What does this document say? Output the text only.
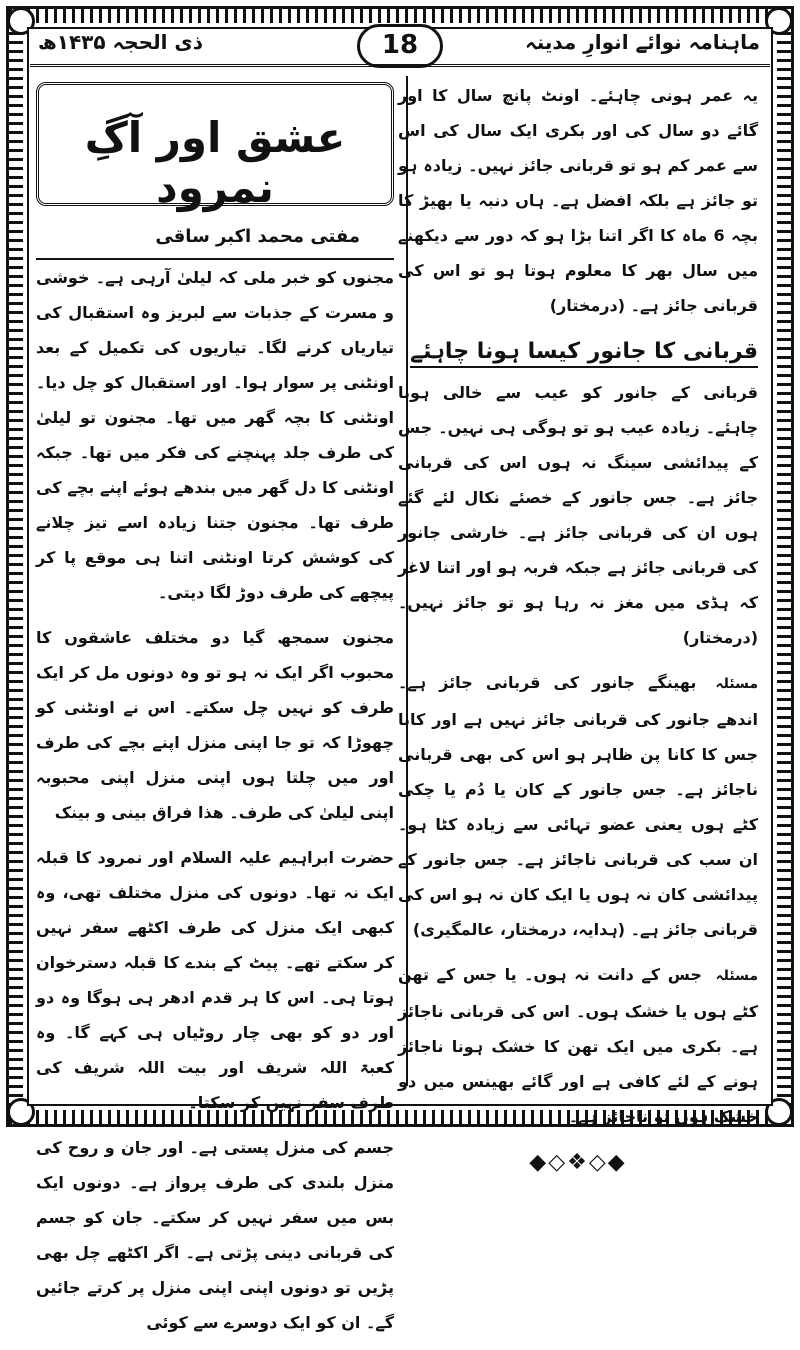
ماہنامہ نوائے انوارِ مدینہ
18
ذی الحجہ ۱۴۳۵ھ

یہ عمر ہونی چاہئے۔ اونٹ پانچ سال کا اور گائے دو سال کی اور بکری ایک سال کی اس سے عمر کم ہو تو قربانی جائز نہیں۔ زیادہ ہو تو جائز ہے بلکہ افضل ہے۔ ہاں دنبہ یا بھیڑ کا بچہ 6 ماہ کا اگر اتنا بڑا ہو کہ دور سے دیکھنے میں سال بھر کا معلوم ہوتا ہو تو اس کی قربانی جائز ہے۔ (درمختار)

قربانی کا جانور کیسا ہونا چاہئے

قربانی کے جانور کو عیب سے خالی ہونا چاہئے۔ زیادہ عیب ہو تو ہوگی ہی نہیں۔ جس کے پیدائشی سینگ نہ ہوں اس کی قربانی جائز ہے۔ جس جانور کے خصئے نکال لئے گئے ہوں ان کی قربانی جائز ہے۔ خارشی جانور کی قربانی جائز ہے جبکہ فربہ ہو اور اتنا لاغر کہ ہڈی میں مغز نہ رہا ہو تو جائز نہیں۔ (درمختار)

مسئلہ بھینگے جانور کی قربانی جائز ہے۔ اندھے جانور کی قربانی جائز نہیں ہے اور کانا جس کا کانا پن ظاہر ہو اس کی بھی قربانی ناجائز ہے۔ جس جانور کے کان یا دُم یا چکی کٹے ہوں یعنی عضو تہائی سے زیادہ کٹا ہو۔ ان سب کی قربانی ناجائز ہے۔ جس جانور کے پیدائشی کان نہ ہوں یا ایک کان نہ ہو اس کی قربانی جائز ہے۔ (ہدایہ، درمختار، عالمگیری)

مسئلہ جس کے دانت نہ ہوں۔ یا جس کے تھن کٹے ہوں یا خشک ہوں۔ اس کی قربانی ناجائز ہے۔ بکری میں ایک تھن کا خشک ہونا ناجائز ہونے کے لئے کافی ہے اور گائے بھینس میں دو خشک ہوں تو ناجائز ہے۔

◆◇❖◇◆
عشق اور آگِ نمرود
مفتی محمد اکبر ساقی

مجنوں کو خبر ملی کہ لیلیٰ آرہی ہے۔ خوشی و مسرت کے جذبات سے لبریز وہ استقبال کی تیاریاں کرنے لگا۔ تیاریوں کی تکمیل کے بعد اونٹنی پر سوار ہوا۔ اور استقبال کو چل دیا۔ اونٹنی کا بچہ گھر میں تھا۔ مجنون تو لیلیٰ کی طرف جلد پہنچنے کی فکر میں تھا۔ جبکہ اونٹنی کا دل گھر میں بندھے ہوئے اپنے بچے کی طرف تھا۔ مجنون جتنا زیادہ اسے تیز چلانے کی کوشش کرتا اونٹنی اتنا ہی موقع پا کر پیچھے کی طرف دوڑ لگا دیتی۔

مجنون سمجھ گیا دو مختلف عاشقوں کا محبوب اگر ایک نہ ہو تو وہ دونوں مل کر ایک طرف کو نہیں چل سکتے۔ اس نے اونٹنی کو چھوڑا کہ تو جا اپنی منزل اپنے بچے کی طرف اور میں چلتا ہوں اپنی منزل اپنی محبوبہ اپنی لیلیٰ کی طرف۔ ھذا فراق بینی و بینک

حضرت ابراہیم علیہ السلام اور نمرود کا قبلہ ایک نہ تھا۔ دونوں کی منزل مختلف تھی، وہ کبھی ایک منزل کی طرف اکٹھے سفر نہیں کر سکتے تھے۔ پیٹ کے بندے کا قبلہ دسترخوان ہوتا ہی۔ اس کا ہر قدم ادھر ہی ہوگا وہ دو اور دو کو بھی چار روٹیاں ہی کہے گا۔ وہ کعبۃ اللہ شریف اور بیت اللہ شریف کی طرف سفر نہیں کر سکتا۔

جسم کی منزل پستی ہے۔ اور جان و روح کی منزل بلندی کی طرف پرواز ہے۔ دونوں ایک بس میں سفر نہیں کر سکتے۔ جان کو جسم کی قربانی دینی پڑتی ہے۔ اگر اکٹھے چل بھی پڑیں تو دونوں اپنی اپنی منزل پر کرتے جائیں گے۔ ان کو ایک دوسرے سے کوئی
